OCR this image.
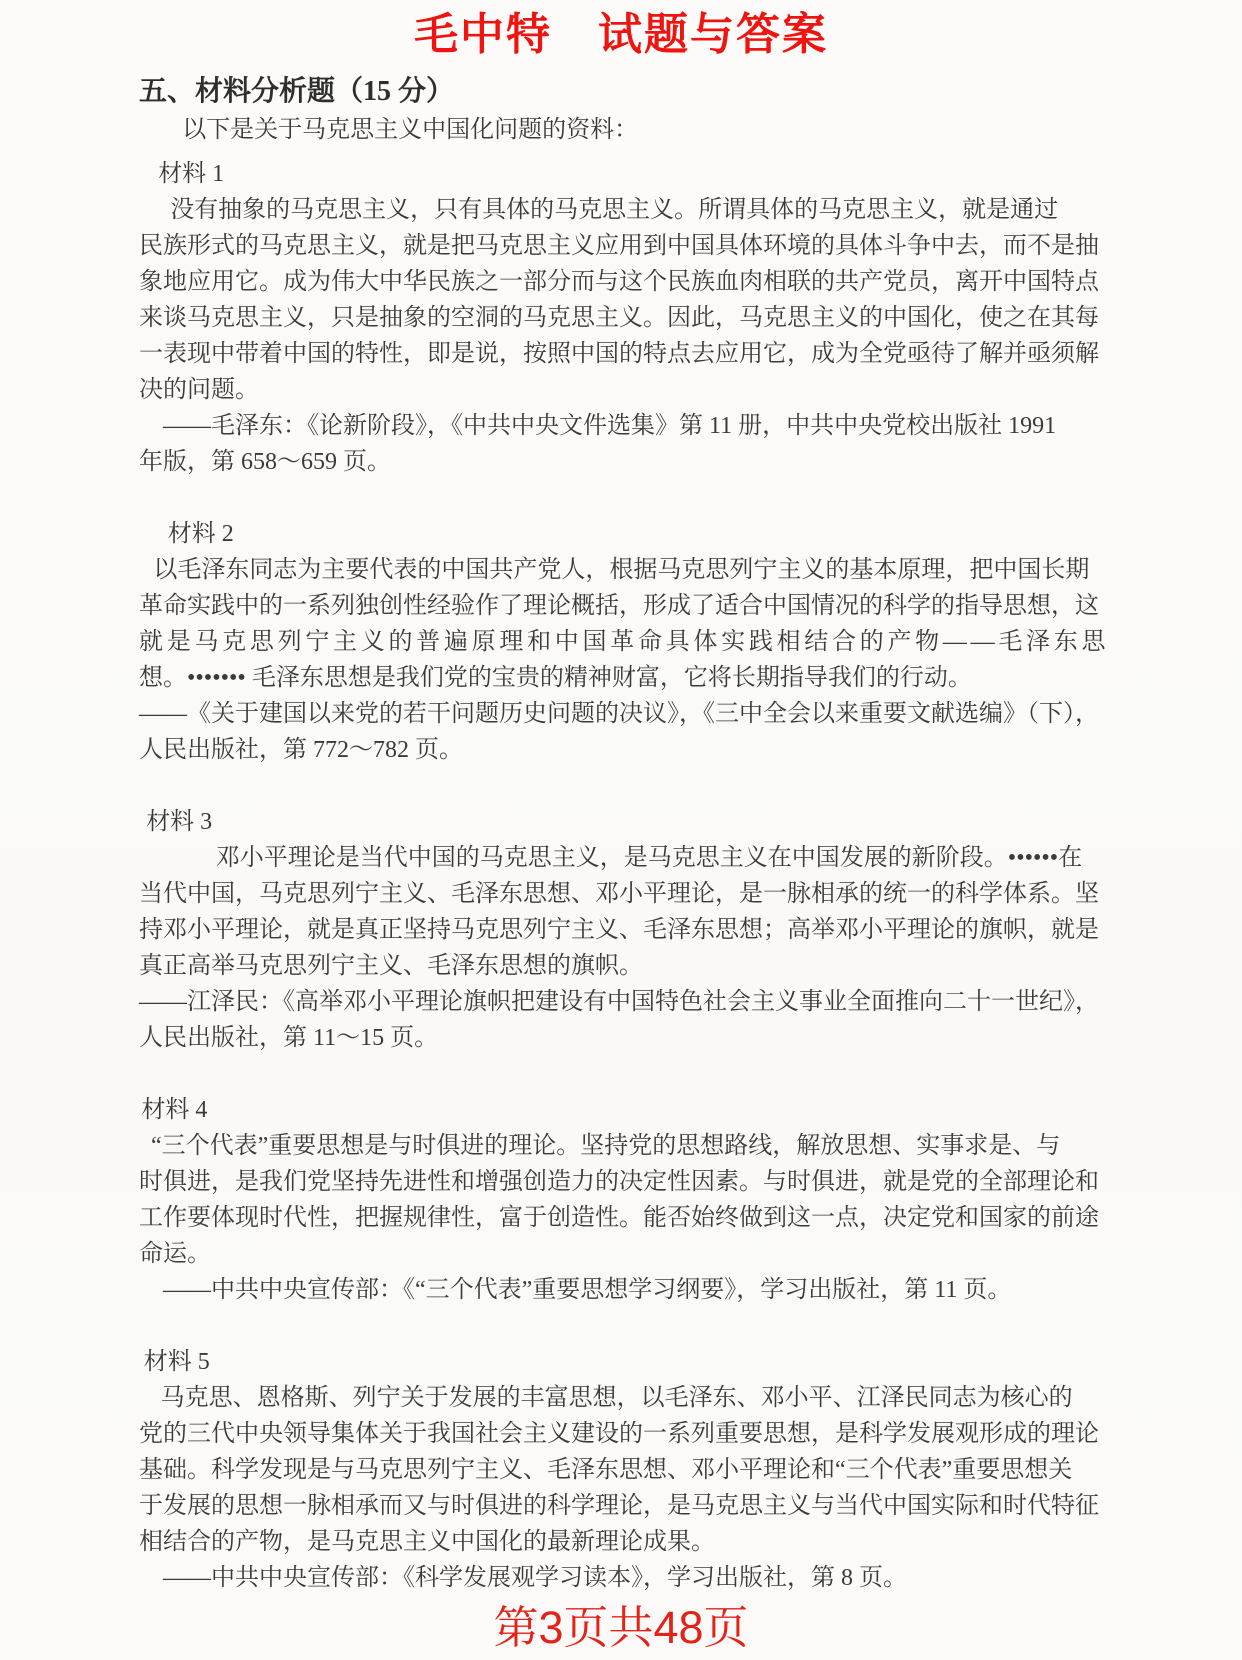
毛中特　试题与答案
五、材料分析题（15 分）
以下是关于马克思主义中国化问题的资料：
材料 1
没有抽象的马克思主义，只有具体的马克思主义。所谓具体的马克思主义，就是通过
民族形式的马克思主义，就是把马克思主义应用到中国具体环境的具体斗争中去，而不是抽
象地应用它。成为伟大中华民族之一部分而与这个民族血肉相联的共产党员，离开中国特点
来谈马克思主义，只是抽象的空洞的马克思主义。因此，马克思主义的中国化，使之在其每
一表现中带着中国的特性，即是说，按照中国的特点去应用它，成为全党亟待了解并亟须解
决的问题。
——毛泽东：《论新阶段》，《中共中央文件选集》第 11 册，中共中央党校出版社 1991
年版，第 658～659 页。
材料 2
以毛泽东同志为主要代表的中国共产党人，根据马克思列宁主义的基本原理，把中国长期
革命实践中的一系列独创性经验作了理论概括，形成了适合中国情况的科学的指导思想，这
就是马克思列宁主义的普遍原理和中国革命具体实践相结合的产物——毛泽东思
想。••••••• 毛泽东思想是我们党的宝贵的精神财富，它将长期指导我们的行动。
——《关于建国以来党的若干问题历史问题的决议》，《三中全会以来重要文献选编》（下），
人民出版社，第 772～782 页。
材料 3
邓小平理论是当代中国的马克思主义，是马克思主义在中国发展的新阶段。••••••在
当代中国，马克思列宁主义、毛泽东思想、邓小平理论，是一脉相承的统一的科学体系。坚
持邓小平理论，就是真正坚持马克思列宁主义、毛泽东思想；高举邓小平理论的旗帜，就是
真正高举马克思列宁主义、毛泽东思想的旗帜。
——江泽民：《高举邓小平理论旗帜把建设有中国特色社会主义事业全面推向二十一世纪》，
人民出版社，第 11～15 页。
材料 4
“三个代表”重要思想是与时俱进的理论。坚持党的思想路线，解放思想、实事求是、与
时俱进，是我们党坚持先进性和增强创造力的决定性因素。与时俱进，就是党的全部理论和
工作要体现时代性，把握规律性，富于创造性。能否始终做到这一点，决定党和国家的前途
命运。
——中共中央宣传部：《“三个代表”重要思想学习纲要》，学习出版社，第 11 页。
材料 5
马克思、恩格斯、列宁关于发展的丰富思想，以毛泽东、邓小平、江泽民同志为核心的
党的三代中央领导集体关于我国社会主义建设的一系列重要思想，是科学发展观形成的理论
基础。科学发现是与马克思列宁主义、毛泽东思想、邓小平理论和“三个代表”重要思想关
于发展的思想一脉相承而又与时俱进的科学理论，是马克思主义与当代中国实际和时代特征
相结合的产物，是马克思主义中国化的最新理论成果。
——中共中央宣传部：《科学发展观学习读本》，学习出版社，第 8 页。
第3页共48页
